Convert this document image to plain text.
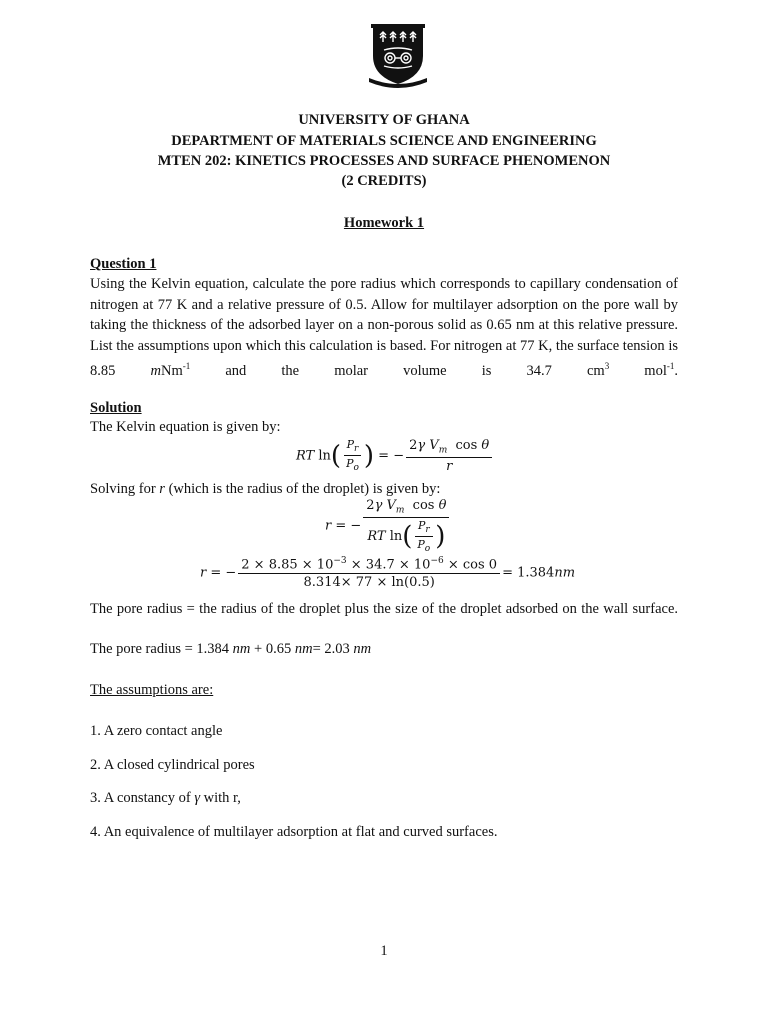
UNIVERSITY OF GHANA
DEPARTMENT OF MATERIALS SCIENCE AND ENGINEERING
MTEN 202: KINETICS PROCESSES AND SURFACE PHENOMENON
(2 CREDITS)
Homework 1
Question 1
Using the Kelvin equation, calculate the pore radius which corresponds to capillary condensation of nitrogen at 77 K and a relative pressure of 0.5. Allow for multilayer adsorption on the pore wall by taking the thickness of the adsorbed layer on a non-porous solid as 0.65 nm at this relative pressure. List the assumptions upon which this calculation is based. For nitrogen at 77 K, the surface tension is 8.85 mNm$^{-1}$ and the molar volume is 34.7 $cm^3$ mol$^{-1}$.
Solution
The Kelvin equation is given by:
RT $\ln( \frac{P_r}{P_o}$ ) = − $\frac{2\gamma V_m \cos \theta}{r}$
Solving for r (which is the radius of the droplet) is given by:
r = − $\frac{2\gamma V_m \cos \theta}{RT \ln( \frac{P_r}{P_o} )}$
r = − $\frac{2 \times 8.85 \times 10^{-3} \times 34.7 \times 10^{-6} \times \cos 0}{8.314\times 77 \times \ln(0.5)} = 1.384nm$
The pore radius = the radius of the droplet plus the size of the droplet adsorbed on the wall surface.
The pore radius = 1.384 nm + 0.65 nm= 2.03 nm
The assumptions are:
1. A zero contact angle
2. A closed cylindrical pores
3. A constancy of γ with r,
4. An equivalence of multilayer adsorption at flat and curved surfaces.
1
